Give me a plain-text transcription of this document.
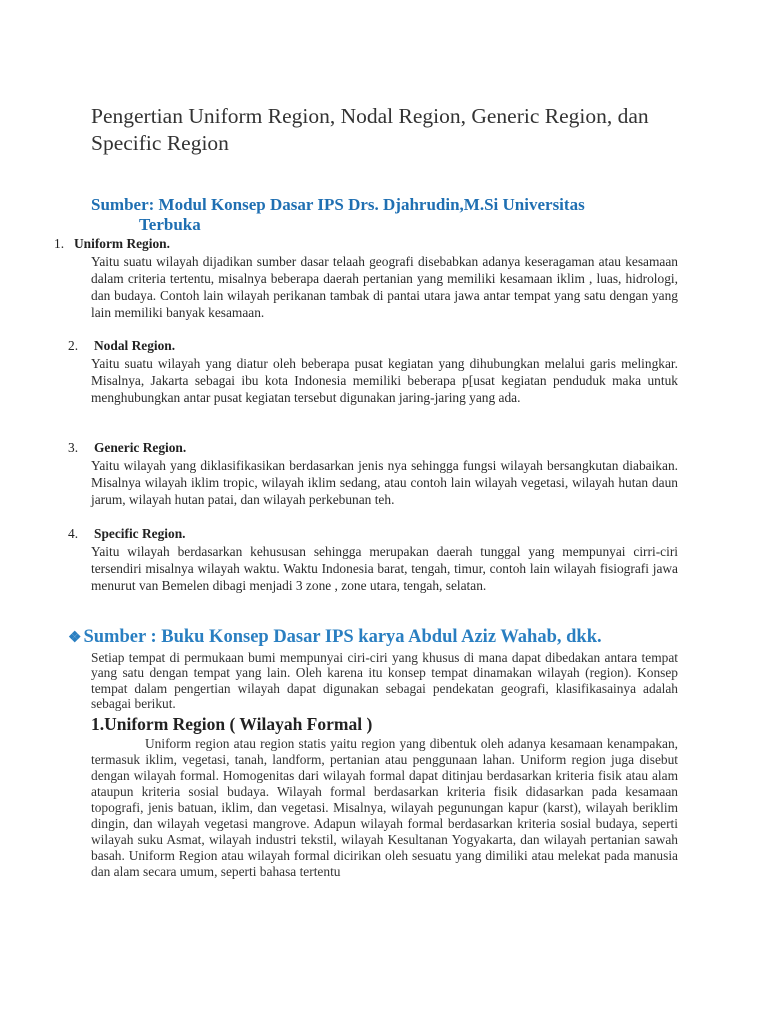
Pengertian Uniform Region, Nodal Region, Generic Region, dan Specific Region
Sumber: Modul Konsep Dasar IPS Drs. Djahrudin,M.Si Universitas
Terbuka
1. Uniform Region.
Yaitu suatu wilayah dijadikan sumber dasar telaah geografi disebabkan adanya keseragaman atau kesamaan dalam criteria tertentu, misalnya beberapa daerah pertanian yang memiliki kesamaan iklim , luas, hidrologi, dan budaya. Contoh lain wilayah perikanan tambak di pantai utara jawa antar tempat yang satu dengan yang lain memiliki banyak kesamaan.
2. Nodal Region.
Yaitu suatu wilayah yang diatur oleh beberapa pusat kegiatan yang dihubungkan melalui garis melingkar. Misalnya, Jakarta sebagai ibu kota Indonesia memiliki beberapa p[usat kegiatan penduduk maka untuk menghubungkan antar pusat kegiatan tersebut digunakan jaring-jaring yang ada.
3. Generic Region.
Yaitu wilayah yang diklasifikasikan berdasarkan jenis nya sehingga fungsi wilayah bersangkutan diabaikan. Misalnya wilayah iklim tropic, wilayah iklim sedang, atau contoh lain wilayah vegetasi, wilayah hutan daun jarum, wilayah hutan patai, dan wilayah perkebunan teh.
4. Specific Region.
Yaitu wilayah berdasarkan kehususan sehingga merupakan daerah tunggal yang mempunyai cirri-ciri tersendiri misalnya wilayah waktu. Waktu Indonesia barat, tengah, timur, contoh lain wilayah fisiografi jawa menurut van Bemelen dibagi menjadi 3 zone , zone utara, tengah, selatan.
❖ Sumber : Buku Konsep Dasar IPS karya Abdul Aziz Wahab, dkk.
Setiap tempat di permukaan bumi mempunyai ciri-ciri yang khusus di mana dapat dibedakan antara tempat yang satu dengan tempat yang lain. Oleh karena itu konsep tempat dinamakan wilayah (region). Konsep tempat dalam pengertian wilayah dapat digunakan sebagai pendekatan geografi, klasifikasainya adalah sebagai berikut.
1.Uniform Region ( Wilayah Formal )
Uniform region atau region statis yaitu region yang dibentuk oleh adanya kesamaan kenampakan, termasuk iklim, vegetasi, tanah, landform, pertanian atau penggunaan lahan. Uniform region juga disebut dengan wilayah formal. Homogenitas dari wilayah formal dapat ditinjau berdasarkan kriteria fisik atau alam ataupun kriteria sosial budaya. Wilayah formal berdasarkan kriteria fisik didasarkan pada kesamaan topografi, jenis batuan, iklim, dan vegetasi. Misalnya, wilayah pegunungan kapur (karst), wilayah beriklim dingin, dan wilayah vegetasi mangrove. Adapun wilayah formal berdasarkan kriteria sosial budaya, seperti wilayah suku Asmat, wilayah industri tekstil, wilayah Kesultanan Yogyakarta, dan wilayah pertanian sawah basah. Uniform Region atau wilayah formal dicirikan oleh sesuatu yang dimiliki atau melekat pada manusia dan alam secara umum, seperti bahasa tertentu
